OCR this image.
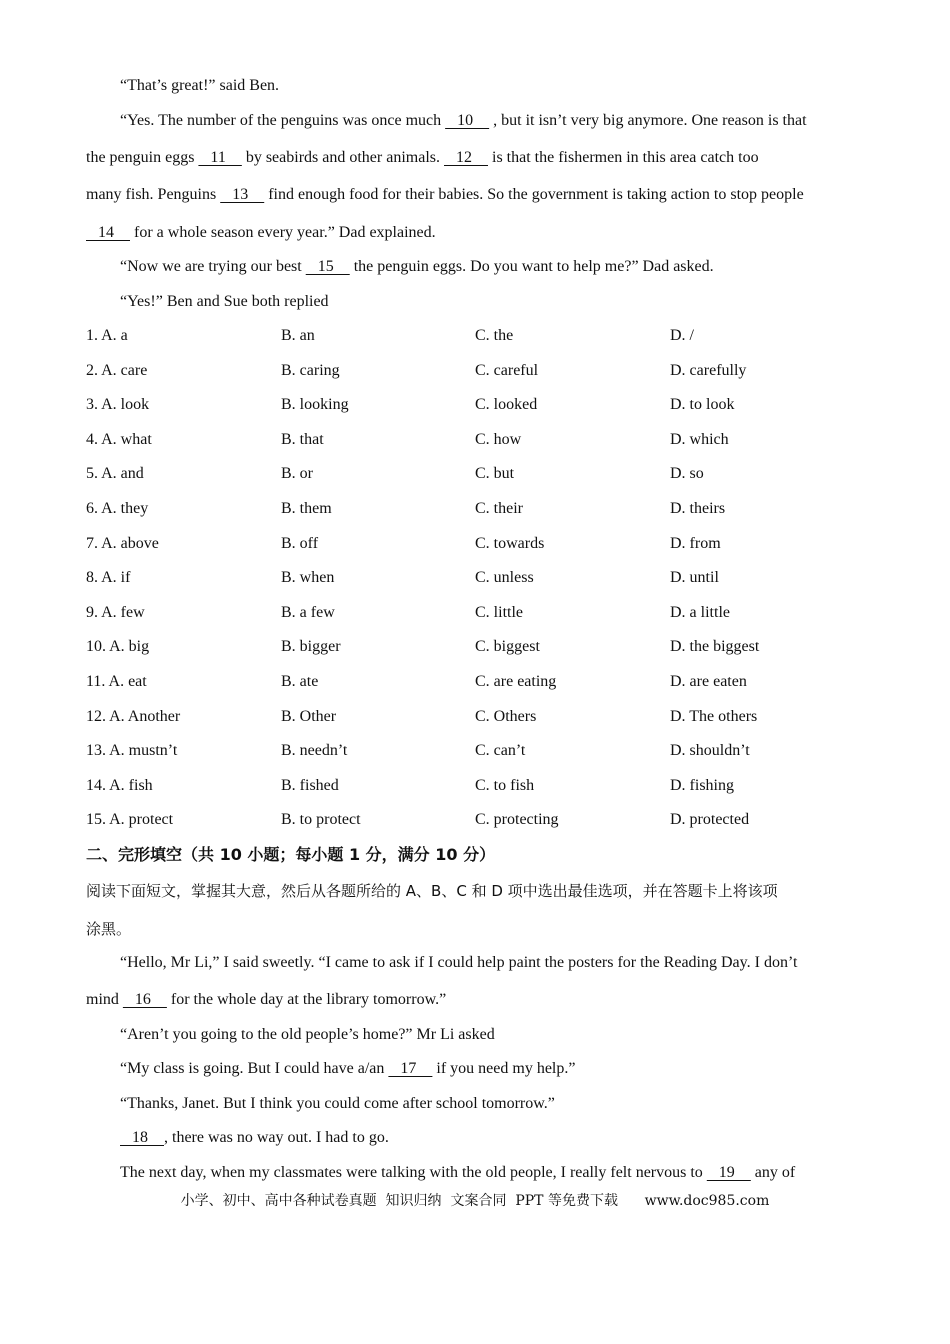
“That’s great!” said Ben.
“Yes. The number of the penguins was once much    10     , but it isn’t very big anymore. One reason is that
the penguin eggs    11     by seabirds and other animals.    12     is that the fishermen in this area catch too
many fish. Penguins    13     find enough food for their babies. So the government is taking action to stop people
14     for a whole season every year.” Dad explained.
“Now we are trying our best    15     the penguin eggs. Do you want to help me?” Dad asked.
“Yes!” Ben and Sue both replied
1. A. a	B. an	C. the	D. /
2. A. care	B. caring	C. careful	D. carefully
3. A. look	B. looking	C. looked	D. to look
4. A. what	B. that	C. how	D. which
5. A. and	B. or	C. but	D. so
6. A. they	B. them	C. their	D. theirs
7. A. above	B. off	C. towards	D. from
8. A. if	B. when	C. unless	D. until
9. A. few	B. a few	C. little	D. a little
10. A. big	B. bigger	C. biggest	D. the biggest
11. A. eat	B. ate	C. are eating	D. are eaten
12. A. Another	B. Other	C. Others	D. The others
13. A. mustn’t	B. needn’t	C. can’t	D. shouldn’t
14. A. fish	B. fished	C. to fish	D. fishing
15. A. protect	B. to protect	C. protecting	D. protected
二、完形填空（共 10 小题；每小题 1 分，满分 10 分）
阅读下面短文，掌握其大意，然后从各题所给的 A、B、C 和 D 项中选出最佳选项，并在答题卡上将该项
涂黑。
“Hello, Mr Li,” I said sweetly. “I came to ask if I could help paint the posters for the Reading Day. I don’t
mind    16     for the whole day at the library tomorrow.”
“Aren’t you going to the old people’s home?” Mr Li asked
“My class is going. But I could have a/an    17     if you need my help.”
“Thanks, Janet. But I think you could come after school tomorrow.”
18    , there was no way out. I had to go.
The next day, when my classmates were talking with the old people, I really felt nervous to    19     any of
小学、初中、高中各种试卷真题  知识归纳  文案合同  PPT 等免费下载      www.doc985.com
